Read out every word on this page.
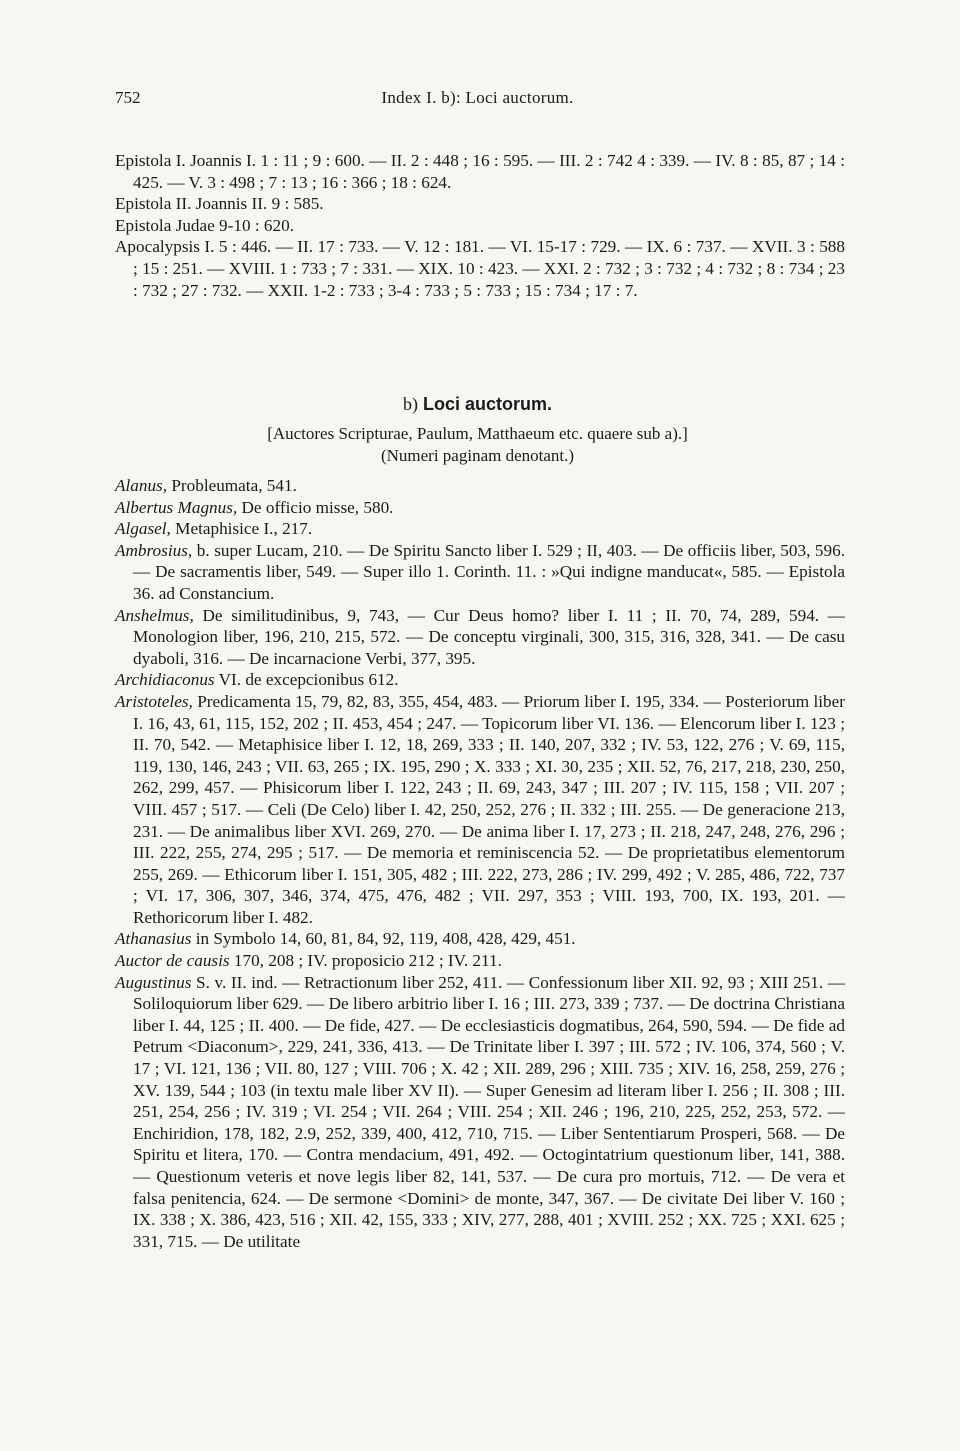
752	Index I. b): Loci auctorum.

Epistola I. Joannis I. 1 : 11 ; 9 : 600. — II. 2 : 448 ; 16 : 595. — III. 2 : 742 4 : 339. — IV. 8 : 85, 87 ; 14 : 425. — V. 3 : 498 ; 7 : 13 ; 16 : 366 ; 18 : 624.

Epistola II. Joannis II. 9 : 585.

Epistola Judae 9-10 : 620.

Apocalypsis I. 5 : 446. — II. 17 : 733. — V. 12 : 181. — VI. 15-17 : 729. — IX. 6 : 737. — XVII. 3 : 588 ; 15 : 251. — XVIII. 1 : 733 ; 7 : 331. — XIX. 10 : 423. — XXI. 2 : 732 ; 3 : 732 ; 4 : 732 ; 8 : 734 ; 23 : 732 ; 27 : 732. — XXII. 1-2 : 733 ; 3-4 : 733 ; 5 : 733 ; 15 : 734 ; 17 : 7.

b) Loci auctorum.

[Auctores Scripturae, Paulum, Matthaeum etc. quaere sub a).]

(Numeri paginam denotant.)

Alanus, Probleumata, 541.

Albertus Magnus, De officio misse, 580.

Algasel, Metaphisice I., 217.

Ambrosius, b. super Lucam, 210. — De Spiritu Sancto liber I. 529 ; II, 403. — De officiis liber, 503, 596. — De sacramentis liber, 549. — Super illo 1. Corinth. 11. : »Qui indigne manducat«, 585. — Epistola 36. ad Constancium.

Anshelmus, De similitudinibus, 9, 743, — Cur Deus homo? liber I. 11 ; II. 70, 74, 289, 594. — Monologion liber, 196, 210, 215, 572. — De conceptu virginali, 300, 315, 316, 328, 341. — De casu dyaboli, 316. — De incarnacione Verbi, 377, 395.

Archidiaconus VI. de excepcionibus 612.

Aristoteles, Predicamenta 15, 79, 82, 83, 355, 454, 483. — Priorum liber I. 195, 334. — Posteriorum liber I. 16, 43, 61, 115, 152, 202 ; II. 453, 454 ; 247. — Topicorum liber VI. 136. — Elencorum liber I. 123 ; II. 70, 542. — Metaphisice liber I. 12, 18, 269, 333 ; II. 140, 207, 332 ; IV. 53, 122, 276 ; V. 69, 115, 119, 130, 146, 243 ; VII. 63, 265 ; IX. 195, 290 ; X. 333 ; XI. 30, 235 ; XII. 52, 76, 217, 218, 230, 250, 262, 299, 457. — Phisicorum liber I. 122, 243 ; II. 69, 243, 347 ; III. 207 ; IV. 115, 158 ; VII. 207 ; VIII. 457 ; 517. — Celi (De Celo) liber I. 42, 250, 252, 276 ; II. 332 ; III. 255. — De generacione 213, 231. — De animalibus liber XVI. 269, 270. — De anima liber I. 17, 273 ; II. 218, 247, 248, 276, 296 ; III. 222, 255, 274, 295 ; 517. — De memoria et reminiscencia 52. — De proprietatibus elementorum 255, 269. — Ethicorum liber I. 151, 305, 482 ; III. 222, 273, 286 ; IV. 299, 492 ; V. 285, 486, 722, 737 ; VI. 17, 306, 307, 346, 374, 475, 476, 482 ; VII. 297, 353 ; VIII. 193, 700, IX. 193, 201. — Rethoricorum liber I. 482.

Athanasius in Symbolo 14, 60, 81, 84, 92, 119, 408, 428, 429, 451.

Auctor de causis 170, 208 ; IV. proposicio 212 ; IV. 211.

Augustinus S. v. II. ind. — Retractionum liber 252, 411. — Confessionum liber XII. 92, 93 ; XIII 251. — Soliloquiorum liber 629. — De libero arbitrio liber I. 16 ; III. 273, 339 ; 737. — De doctrina Christiana liber I. 44, 125 ; II. 400. — De fide, 427. — De ecclesiasticis dogmatibus, 264, 590, 594. — De fide ad Petrum <Diaconum>, 229, 241, 336, 413. — De Trinitate liber I. 397 ; III. 572 ; IV. 106, 374, 560 ; V. 17 ; VI. 121, 136 ; VII. 80, 127 ; VIII. 706 ; X. 42 ; XII. 289, 296 ; XIII. 735 ; XIV. 16, 258, 259, 276 ; XV. 139, 544 ; 103 (in textu male liber XV II). — Super Genesim ad literam liber I. 256 ; II. 308 ; III. 251, 254, 256 ; IV. 319 ; VI. 254 ; VII. 264 ; VIII. 254 ; XII. 246 ; 196, 210, 225, 252, 253, 572. — Enchiridion, 178, 182, 2.9, 252, 339, 400, 412, 710, 715. — Liber Sententiarum Prosperi, 568. — De Spiritu et litera, 170. — Contra mendacium, 491, 492. — Octogintatrium questionum liber, 141, 388. — Questionum veteris et nove legis liber 82, 141, 537. — De cura pro mortuis, 712. — De vera et falsa penitencia, 624. — De sermone <Domini> de monte, 347, 367. — De civitate Dei liber V. 160 ; IX. 338 ; X. 386, 423, 516 ; XII. 42, 155, 333 ; XIV, 277, 288, 401 ; XVIII. 252 ; XX. 725 ; XXI. 625 ; 331, 715. — De utilitate
